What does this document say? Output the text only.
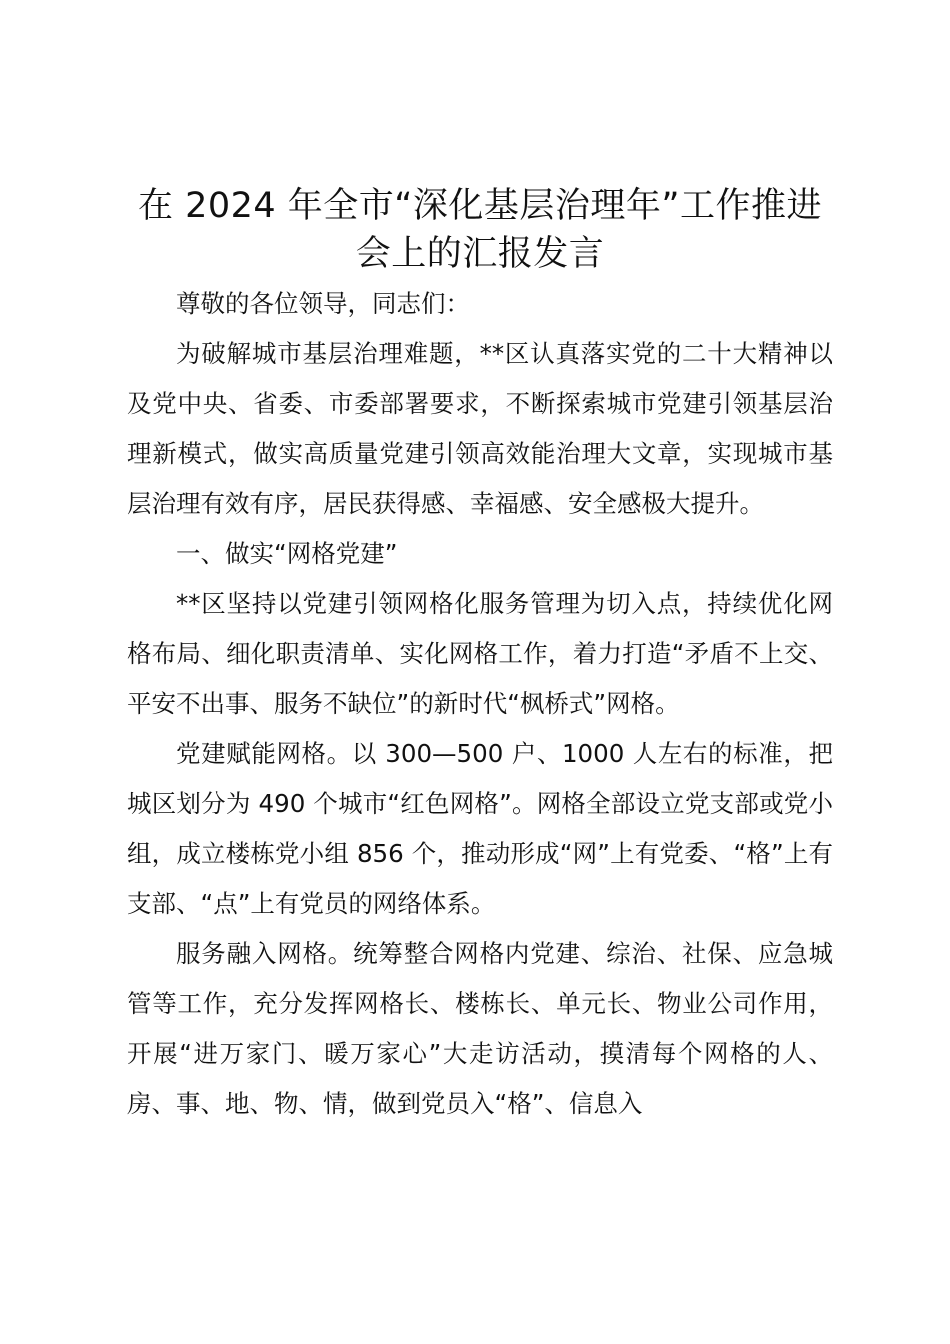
在 2024 年全市“深化基层治理年”工作推进
会上的汇报发言

尊敬的各位领导，同志们：

为破解城市基层治理难题，**区认真落实党的二十大精神以及党中央、省委、市委部署要求，不断探索城市党建引领基层治理新模式，做实高质量党建引领高效能治理大文章，实现城市基层治理有效有序，居民获得感、幸福感、安全感极大提升。

一、做实“网格党建”

**区坚持以党建引领网格化服务管理为切入点，持续优化网格布局、细化职责清单、实化网格工作，着力打造“矛盾不上交、平安不出事、服务不缺位”的新时代“枫桥式”网格。

党建赋能网格。以 300—500 户、1000 人左右的标准，把城区划分为 490 个城市“红色网格”。网格全部设立党支部或党小组，成立楼栋党小组 856 个，推动形成“网”上有党委、“格”上有支部、“点”上有党员的网络体系。

服务融入网格。统筹整合网格内党建、综治、社保、应急城管等工作，充分发挥网格长、楼栋长、单元长、物业公司作用，开展“进万家门、暖万家心”大走访活动，摸清每个网格的人、房、事、地、物、情，做到党员入“格”、信息入
